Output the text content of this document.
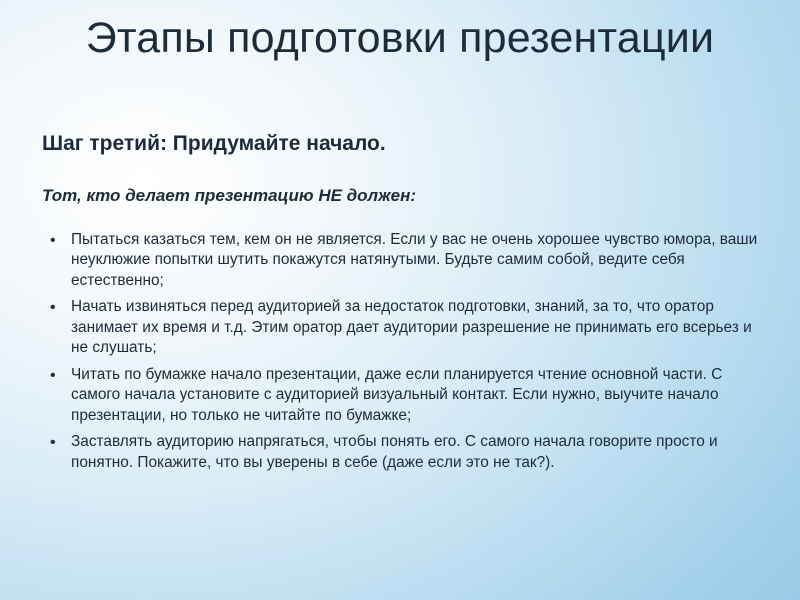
Этапы подготовки презентации
Шаг третий: Придумайте начало.
Тот, кто делает презентацию НЕ должен:
• Пытаться казаться тем, кем он не является. Если у вас не очень хорошее чувство юмора, ваши неуклюжие попытки шутить покажутся натянутыми. Будьте самим собой, ведите себя естественно;
• Начать извиняться перед аудиторией за недостаток подготовки, знаний, за то, что оратор занимает их время и т.д. Этим оратор дает аудитории разрешение не принимать его всерьез и не слушать;
• Читать по бумажке начало презентации, даже если планируется чтение основной части. С самого начала установите с аудиторией визуальный контакт. Если нужно, выучите начало презентации, но только не читайте по бумажке;
• Заставлять аудиторию напрягаться, чтобы понять его. С самого начала говорите просто и понятно. Покажите, что вы уверены в себе (даже если это не так?).
